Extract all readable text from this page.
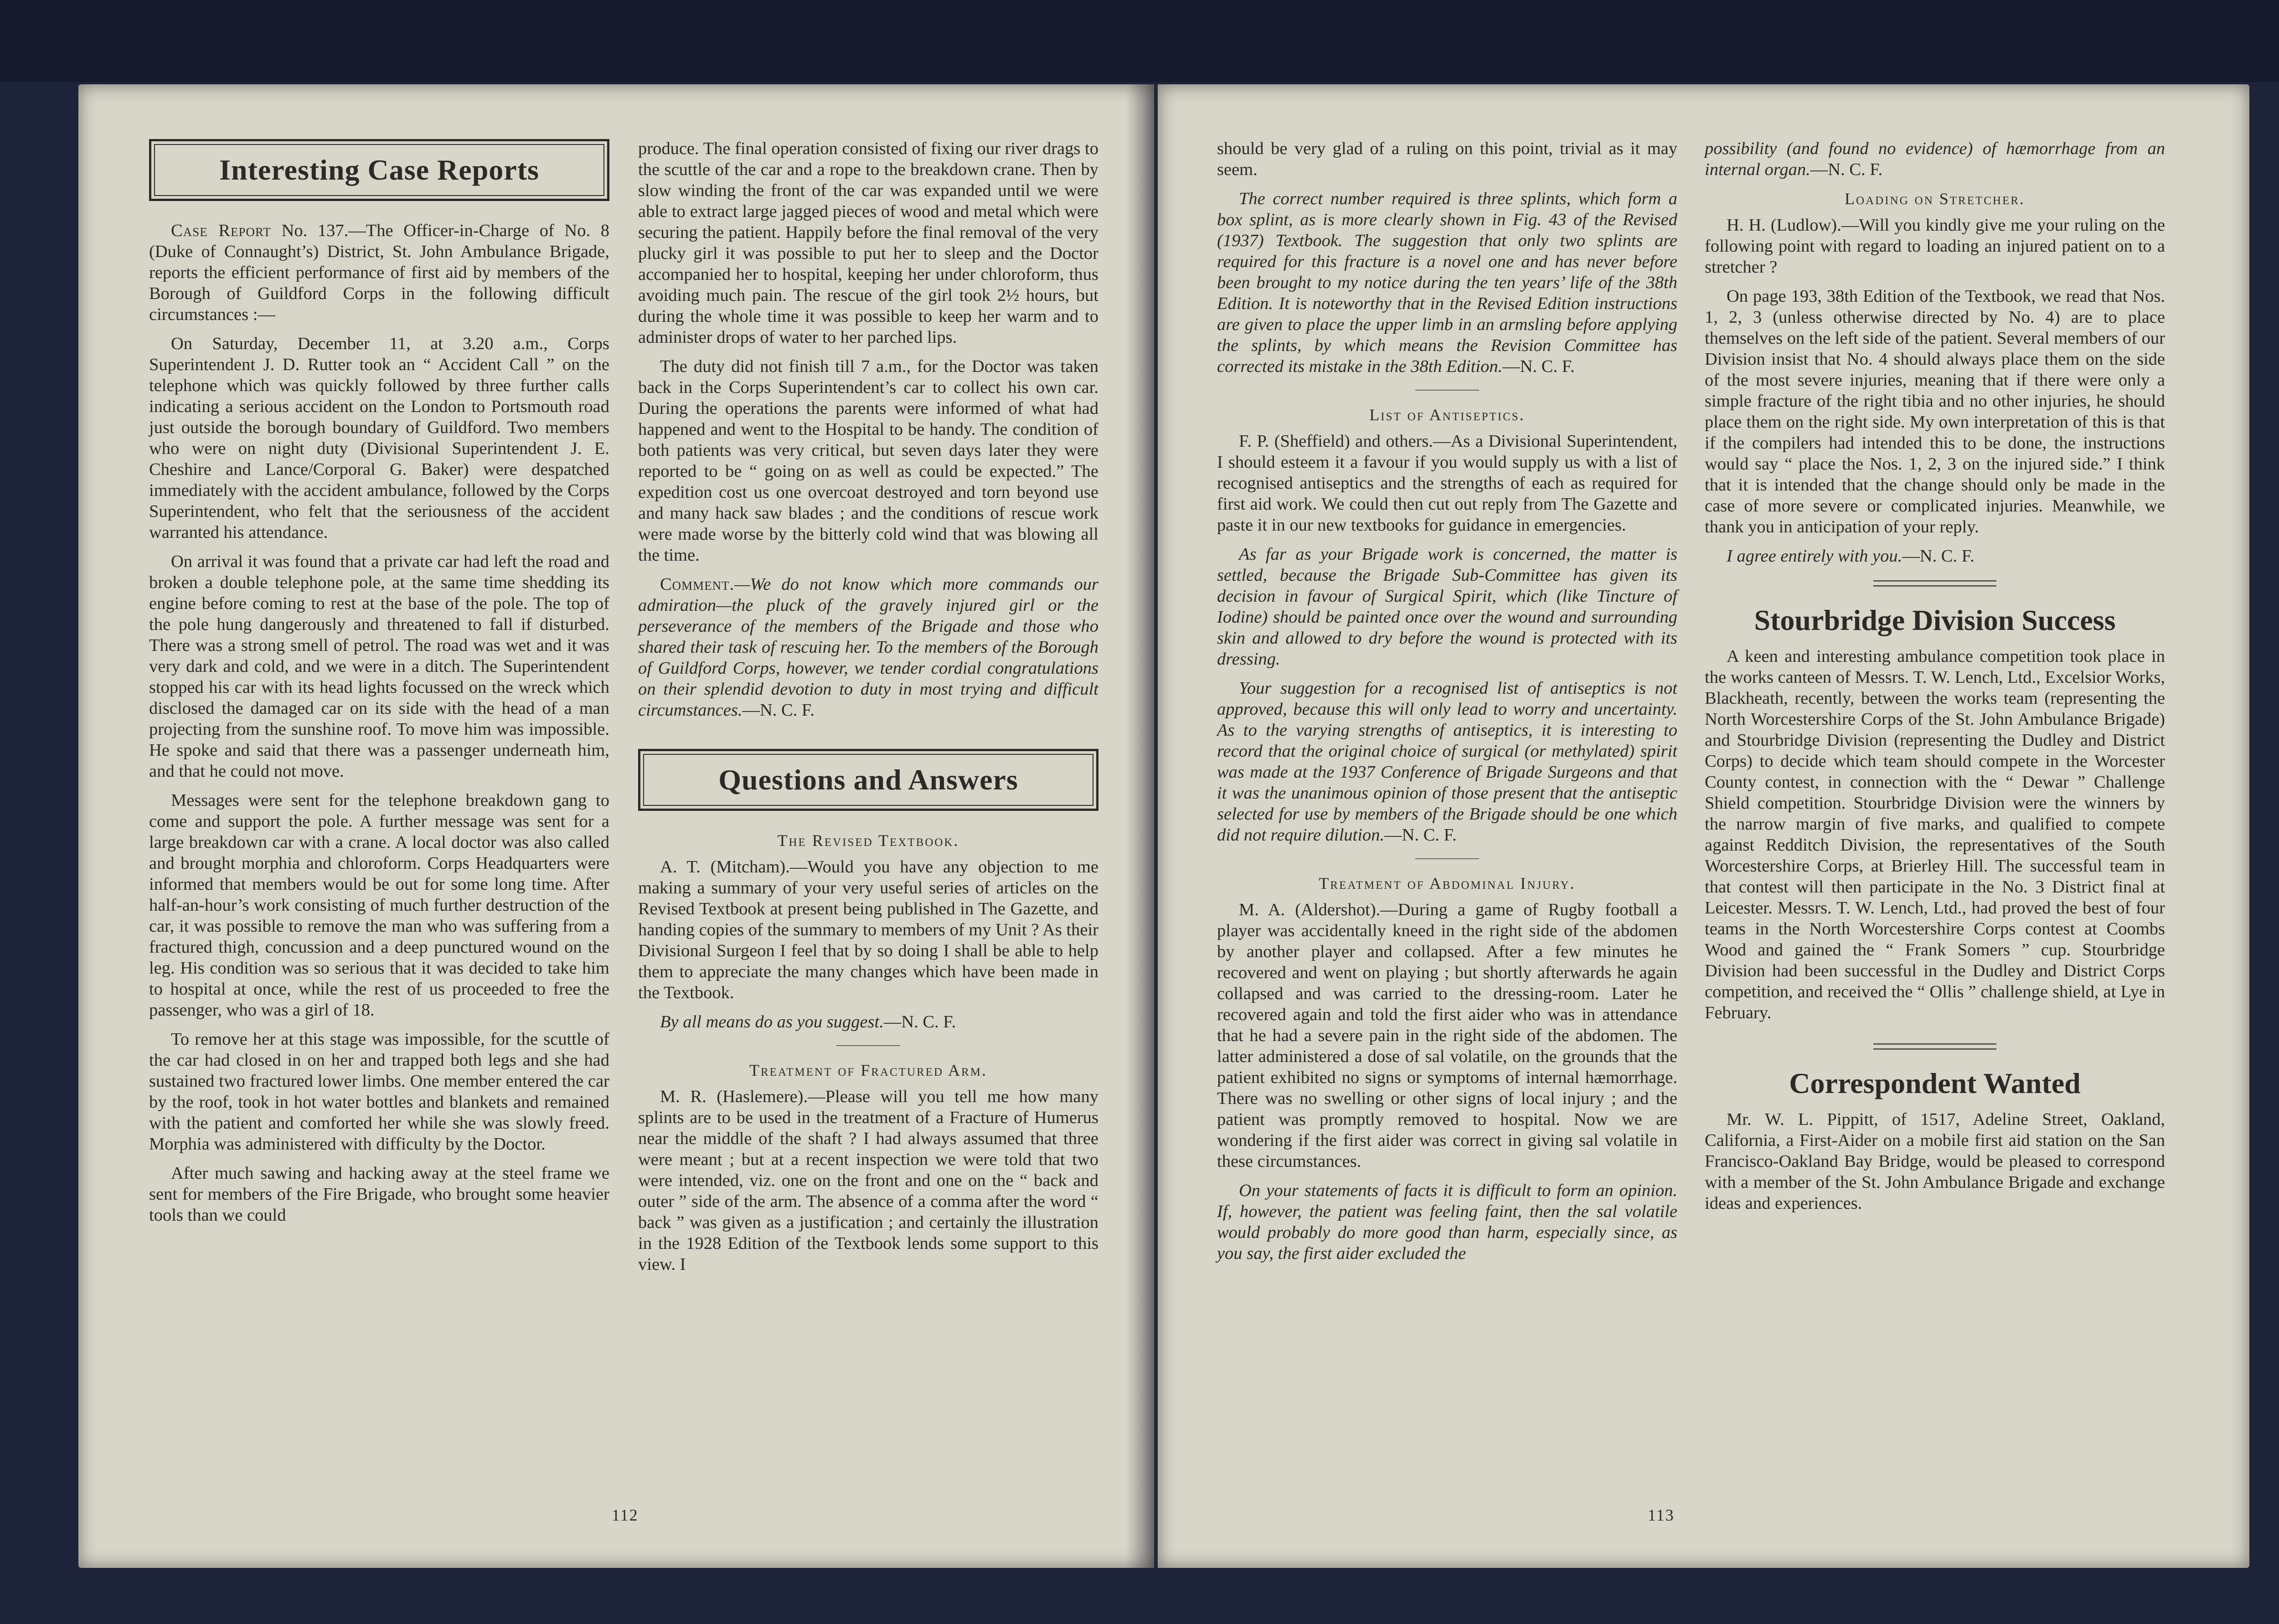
Interesting Case Reports

Case Report No. 137.—The Officer-in-Charge of No. 8 (Duke of Connaught’s) District, St. John Ambulance Brigade, reports the efficient performance of first aid by members of the Borough of Guildford Corps in the following difficult circumstances :—

On Saturday, December 11, at 3.20 a.m., Corps Superintendent J. D. Rutter took an “ Accident Call ” on the telephone which was quickly followed by three further calls indicating a serious accident on the London to Portsmouth road just outside the borough boundary of Guildford. Two members who were on night duty (Divisional Superintendent J. E. Cheshire and Lance/Corporal G. Baker) were despatched immediately with the accident ambulance, followed by the Corps Superintendent, who felt that the seriousness of the accident warranted his attendance.

On arrival it was found that a private car had left the road and broken a double telephone pole, at the same time shedding its engine before coming to rest at the base of the pole. The top of the pole hung dangerously and threatened to fall if disturbed. There was a strong smell of petrol. The road was wet and it was very dark and cold, and we were in a ditch. The Superintendent stopped his car with its head lights focussed on the wreck which disclosed the damaged car on its side with the head of a man projecting from the sunshine roof. To move him was impossible. He spoke and said that there was a passenger underneath him, and that he could not move.

Messages were sent for the telephone breakdown gang to come and support the pole. A further message was sent for a large breakdown car with a crane. A local doctor was also called and brought morphia and chloroform. Corps Headquarters were informed that members would be out for some long time. After half-an-hour’s work consisting of much further destruction of the car, it was possible to remove the man who was suffering from a fractured thigh, concussion and a deep punctured wound on the leg. His condition was so serious that it was decided to take him to hospital at once, while the rest of us proceeded to free the passenger, who was a girl of 18.

To remove her at this stage was impossible, for the scuttle of the car had closed in on her and trapped both legs and she had sustained two fractured lower limbs. One member entered the car by the roof, took in hot water bottles and blankets and remained with the patient and comforted her while she was slowly freed. Morphia was administered with difficulty by the Doctor.

After much sawing and hacking away at the steel frame we sent for members of the Fire Brigade, who brought some heavier tools than we could

produce. The final operation consisted of fixing our river drags to the scuttle of the car and a rope to the breakdown crane. Then by slow winding the front of the car was expanded until we were able to extract large jagged pieces of wood and metal which were securing the patient. Happily before the final removal of the very plucky girl it was possible to put her to sleep and the Doctor accompanied her to hospital, keeping her under chloroform, thus avoiding much pain. The rescue of the girl took 2½ hours, but during the whole time it was possible to keep her warm and to administer drops of water to her parched lips.

The duty did not finish till 7 a.m., for the Doctor was taken back in the Corps Superintendent’s car to collect his own car. During the operations the parents were informed of what had happened and went to the Hospital to be handy. The condition of both patients was very critical, but seven days later they were reported to be “ going on as well as could be expected.” The expedition cost us one overcoat destroyed and torn beyond use and many hack saw blades ; and the conditions of rescue work were made worse by the bitterly cold wind that was blowing all the time.

Comment.—We do not know which more commands our admiration—the pluck of the gravely injured girl or the perseverance of the members of the Brigade and those who shared their task of rescuing her. To the members of the Borough of Guildford Corps, however, we tender cordial congratulations on their splendid devotion to duty in most trying and difficult circumstances.—N. C. F.

Questions and Answers
The Revised Textbook.

A. T. (Mitcham).—Would you have any objection to me making a summary of your very useful series of articles on the Revised Textbook at present being published in The Gazette, and handing copies of the summary to members of my Unit ? As their Divisional Surgeon I feel that by so doing I shall be able to help them to appreciate the many changes which have been made in the Textbook.

By all means do as you suggest.—N. C. F.

Treatment of Fractured Arm.

M. R. (Haslemere).—Please will you tell me how many splints are to be used in the treatment of a Fracture of Humerus near the middle of the shaft ? I had always assumed that three were meant ; but at a recent inspection we were told that two were intended, viz. one on the front and one on the “ back and outer ” side of the arm. The absence of a comma after the word “ back ” was given as a justification ; and certainly the illustration in the 1928 Edition of the Textbook lends some support to this view. I

112

should be very glad of a ruling on this point, trivial as it may seem.

The correct number required is three splints, which form a box splint, as is more clearly shown in Fig. 43 of the Revised (1937) Textbook. The suggestion that only two splints are required for this fracture is a novel one and has never before been brought to my notice during the ten years’ life of the 38th Edition. It is noteworthy that in the Revised Edition instructions are given to place the upper limb in an armsling before applying the splints, by which means the Revision Committee has corrected its mistake in the 38th Edition.—N. C. F.

List of Antiseptics.

F. P. (Sheffield) and others.—As a Divisional Superintendent, I should esteem it a favour if you would supply us with a list of recognised antiseptics and the strengths of each as required for first aid work. We could then cut out reply from The Gazette and paste it in our new textbooks for guidance in emergencies.

As far as your Brigade work is concerned, the matter is settled, because the Brigade Sub-Committee has given its decision in favour of Surgical Spirit, which (like Tincture of Iodine) should be painted once over the wound and surrounding skin and allowed to dry before the wound is protected with its dressing.

Your suggestion for a recognised list of antiseptics is not approved, because this will only lead to worry and uncertainty. As to the varying strengths of antiseptics, it is interesting to record that the original choice of surgical (or methylated) spirit was made at the 1937 Conference of Brigade Surgeons and that it was the unanimous opinion of those present that the antiseptic selected for use by members of the Brigade should be one which did not require dilution.—N. C. F.

Treatment of Abdominal Injury.

M. A. (Aldershot).—During a game of Rugby football a player was accidentally kneed in the right side of the abdomen by another player and collapsed. After a few minutes he recovered and went on playing ; but shortly afterwards he again collapsed and was carried to the dressing-room. Later he recovered again and told the first aider who was in attendance that he had a severe pain in the right side of the abdomen. The latter administered a dose of sal volatile, on the grounds that the patient exhibited no signs or symptoms of internal hæmorrhage. There was no swelling or other signs of local injury ; and the patient was promptly removed to hospital. Now we are wondering if the first aider was correct in giving sal volatile in these circumstances.

On your statements of facts it is difficult to form an opinion. If, however, the patient was feeling faint, then the sal volatile would probably do more good than harm, especially since, as you say, the first aider excluded the

possibility (and found no evidence) of hæmorrhage from an internal organ.—N. C. F.

Loading on Stretcher.

H. H. (Ludlow).—Will you kindly give me your ruling on the following point with regard to loading an injured patient on to a stretcher ?

On page 193, 38th Edition of the Textbook, we read that Nos. 1, 2, 3 (unless otherwise directed by No. 4) are to place themselves on the left side of the patient. Several members of our Division insist that No. 4 should always place them on the side of the most severe injuries, meaning that if there were only a simple fracture of the right tibia and no other injuries, he should place them on the right side. My own interpretation of this is that if the compilers had intended this to be done, the instructions would say “ place the Nos. 1, 2, 3 on the injured side.” I think that it is intended that the change should only be made in the case of more severe or complicated injuries. Meanwhile, we thank you in anticipation of your reply.

I agree entirely with you.—N. C. F.

Stourbridge Division Success

A keen and interesting ambulance competition took place in the works canteen of Messrs. T. W. Lench, Ltd., Excelsior Works, Blackheath, recently, between the works team (representing the North Worcestershire Corps of the St. John Ambulance Brigade) and Stourbridge Division (representing the Dudley and District Corps) to decide which team should compete in the Worcester County contest, in connection with the “ Dewar ” Challenge Shield competition. Stourbridge Division were the winners by the narrow margin of five marks, and qualified to compete against Redditch Division, the representatives of the South Worcestershire Corps, at Brierley Hill. The successful team in that contest will then participate in the No. 3 District final at Leicester. Messrs. T. W. Lench, Ltd., had proved the best of four teams in the North Worcestershire Corps contest at Coombs Wood and gained the “ Frank Somers ” cup. Stourbridge Division had been successful in the Dudley and District Corps competition, and received the “ Ollis ” challenge shield, at Lye in February.

Correspondent Wanted

Mr. W. L. Pippitt, of 1517, Adeline Street, Oakland, California, a First-Aider on a mobile first aid station on the San Francisco-Oakland Bay Bridge, would be pleased to correspond with a member of the St. John Ambulance Brigade and exchange ideas and experiences.

113
